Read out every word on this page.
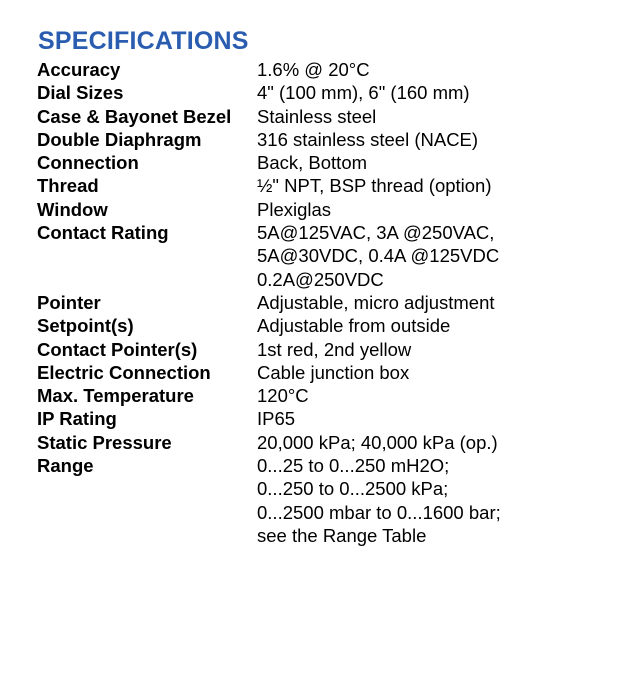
SPECIFICATIONS
Accuracy	1.6% @ 20°C
Dial Sizes	4" (100 mm), 6" (160 mm)
Case & Bayonet Bezel	Stainless steel
Double Diaphragm	316 stainless steel (NACE)
Connection	Back, Bottom
Thread	½" NPT, BSP thread (option)
Window	Plexiglas
Contact Rating	5A@125VAC, 3A @250VAC,
5A@30VDC, 0.4A @125VDC
0.2A@250VDC
Pointer	Adjustable, micro adjustment
Setpoint(s)	Adjustable from outside
Contact Pointer(s)	1st red, 2nd yellow
Electric Connection	Cable junction box
Max. Temperature	120°C
IP Rating	IP65
Static Pressure	20,000 kPa; 40,000 kPa (op.)
Range	0...25 to 0...250 mH2O;
0...250 to 0...2500 kPa;
0...2500 mbar to 0...1600 bar;
see the Range Table
